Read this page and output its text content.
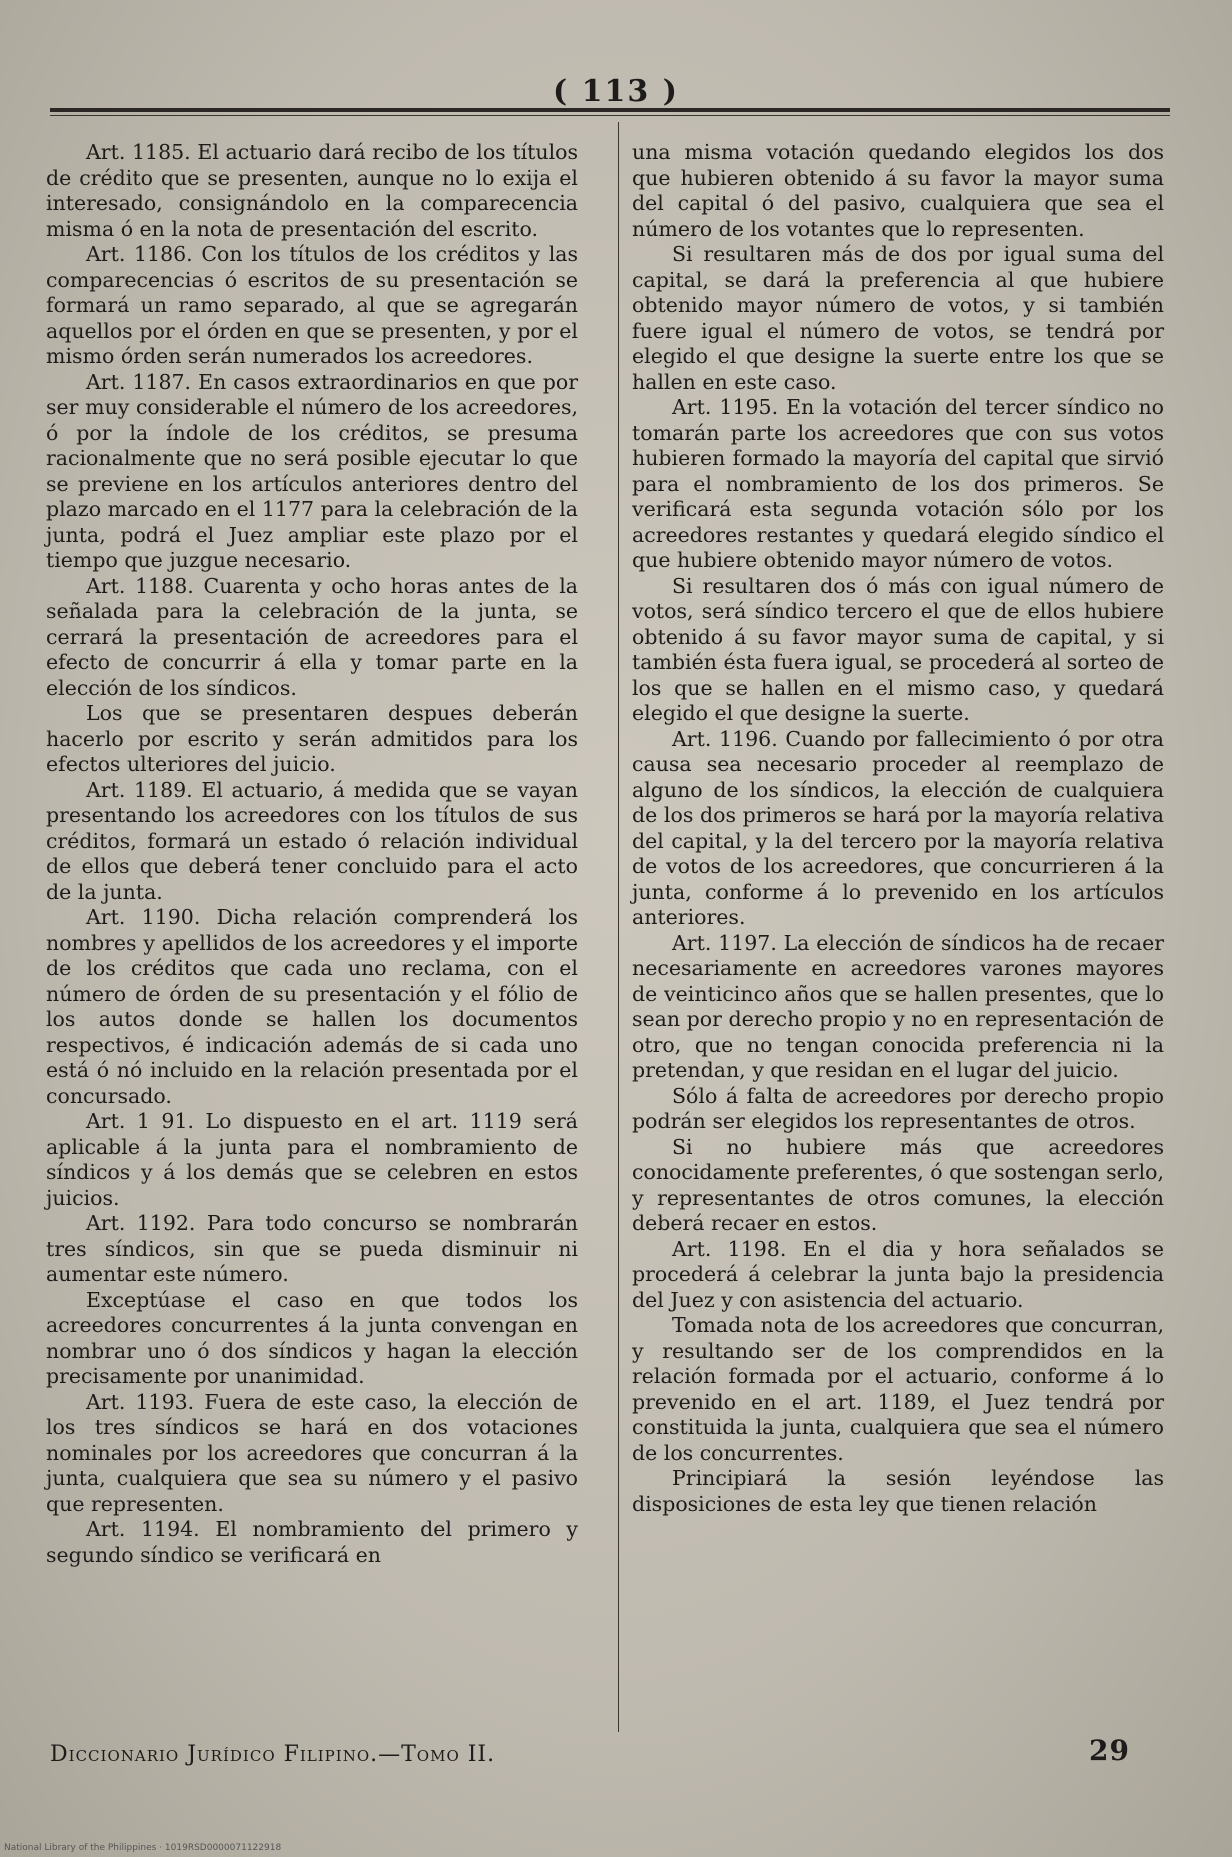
( 113 )

Art. 1185. El actuario dará recibo de los títulos de crédito que se presenten, aunque no lo exija el interesado, consignándolo en la comparecencia misma ó en la nota de presentación del escrito.

Art. 1186. Con los títulos de los créditos y las comparecencias ó escritos de su presentación se formará un ramo separado, al que se agregarán aquellos por el órden en que se presenten, y por el mismo órden serán numerados los acreedores.

Art. 1187. En casos extraordinarios en que por ser muy considerable el número de los acreedores, ó por la índole de los créditos, se presuma racionalmente que no será posible ejecutar lo que se previene en los artículos anteriores dentro del plazo marcado en el 1177 para la celebración de la junta, podrá el Juez ampliar este plazo por el tiempo que juzgue necesario.

Art. 1188. Cuarenta y ocho horas antes de la señalada para la celebración de la junta, se cerrará la presentación de acreedores para el efecto de concurrir á ella y tomar parte en la elección de los síndicos.

Los que se presentaren despues deberán hacerlo por escrito y serán admitidos para los efectos ulteriores del juicio.

Art. 1189. El actuario, á medida que se vayan presentando los acreedores con los títulos de sus créditos, formará un estado ó relación individual de ellos que deberá tener concluido para el acto de la junta.

Art. 1190. Dicha relación comprenderá los nombres y apellidos de los acreedores y el importe de los créditos que cada uno reclama, con el número de órden de su presentación y el fólio de los autos donde se hallen los documentos respectivos, é indicación además de si cada uno está ó nó incluido en la relación presentada por el concursado.

Art. 1 91. Lo dispuesto en el art. 1119 será aplicable á la junta para el nombramiento de síndicos y á los demás que se celebren en estos juicios.

Art. 1192. Para todo concurso se nombrarán tres síndicos, sin que se pueda disminuir ni aumentar este número.

Exceptúase el caso en que todos los acreedores concurrentes á la junta convengan en nombrar uno ó dos síndicos y hagan la elección precisamente por unanimidad.

Art. 1193. Fuera de este caso, la elección de los tres síndicos se hará en dos votaciones nominales por los acreedores que concurran á la junta, cualquiera que sea su número y el pasivo que representen.

Art. 1194. El nombramiento del primero y segundo síndico se verificará en

una misma votación quedando elegidos los dos que hubieren obtenido á su favor la mayor suma del capital ó del pasivo, cualquiera que sea el número de los votantes que lo representen.

Si resultaren más de dos por igual suma del capital, se dará la preferencia al que hubiere obtenido mayor número de votos, y si también fuere igual el número de votos, se tendrá por elegido el que designe la suerte entre los que se hallen en este caso.

Art. 1195. En la votación del tercer síndico no tomarán parte los acreedores que con sus votos hubieren formado la mayoría del capital que sirvió para el nombramiento de los dos primeros. Se verificará esta segunda votación sólo por los acreedores restantes y quedará elegido síndico el que hubiere obtenido mayor número de votos.

Si resultaren dos ó más con igual número de votos, será síndico tercero el que de ellos hubiere obtenido á su favor mayor suma de capital, y si también ésta fuera igual, se procederá al sorteo de los que se hallen en el mismo caso, y quedará elegido el que designe la suerte.

Art. 1196. Cuando por fallecimiento ó por otra causa sea necesario proceder al reemplazo de alguno de los síndicos, la elección de cualquiera de los dos primeros se hará por la mayoría relativa del capital, y la del tercero por la mayoría relativa de votos de los acreedores, que concurrieren á la junta, conforme á lo prevenido en los artículos anteriores.

Art. 1197. La elección de síndicos ha de recaer necesariamente en acreedores varones mayores de veinticinco años que se hallen presentes, que lo sean por derecho propio y no en representación de otro, que no tengan conocida preferencia ni la pretendan, y que residan en el lugar del juicio.

Sólo á falta de acreedores por derecho propio podrán ser elegidos los representantes de otros.

Si no hubiere más que acreedores conocidamente preferentes, ó que sostengan serlo, y representantes de otros comunes, la elección deberá recaer en estos.

Art. 1198. En el dia y hora señalados se procederá á celebrar la junta bajo la presidencia del Juez y con asistencia del actuario.

Tomada nota de los acreedores que concurran, y resultando ser de los comprendidos en la relación formada por el actuario, conforme á lo prevenido en el art. 1189, el Juez tendrá por constituida la junta, cualquiera que sea el número de los concurrentes.

Principiará la sesión leyéndose las disposiciones de esta ley que tienen relación

Diccionario Jurídico Filipino.—Tomo II.	29
National Library of the Philippines · 1019RSD0000071122918
